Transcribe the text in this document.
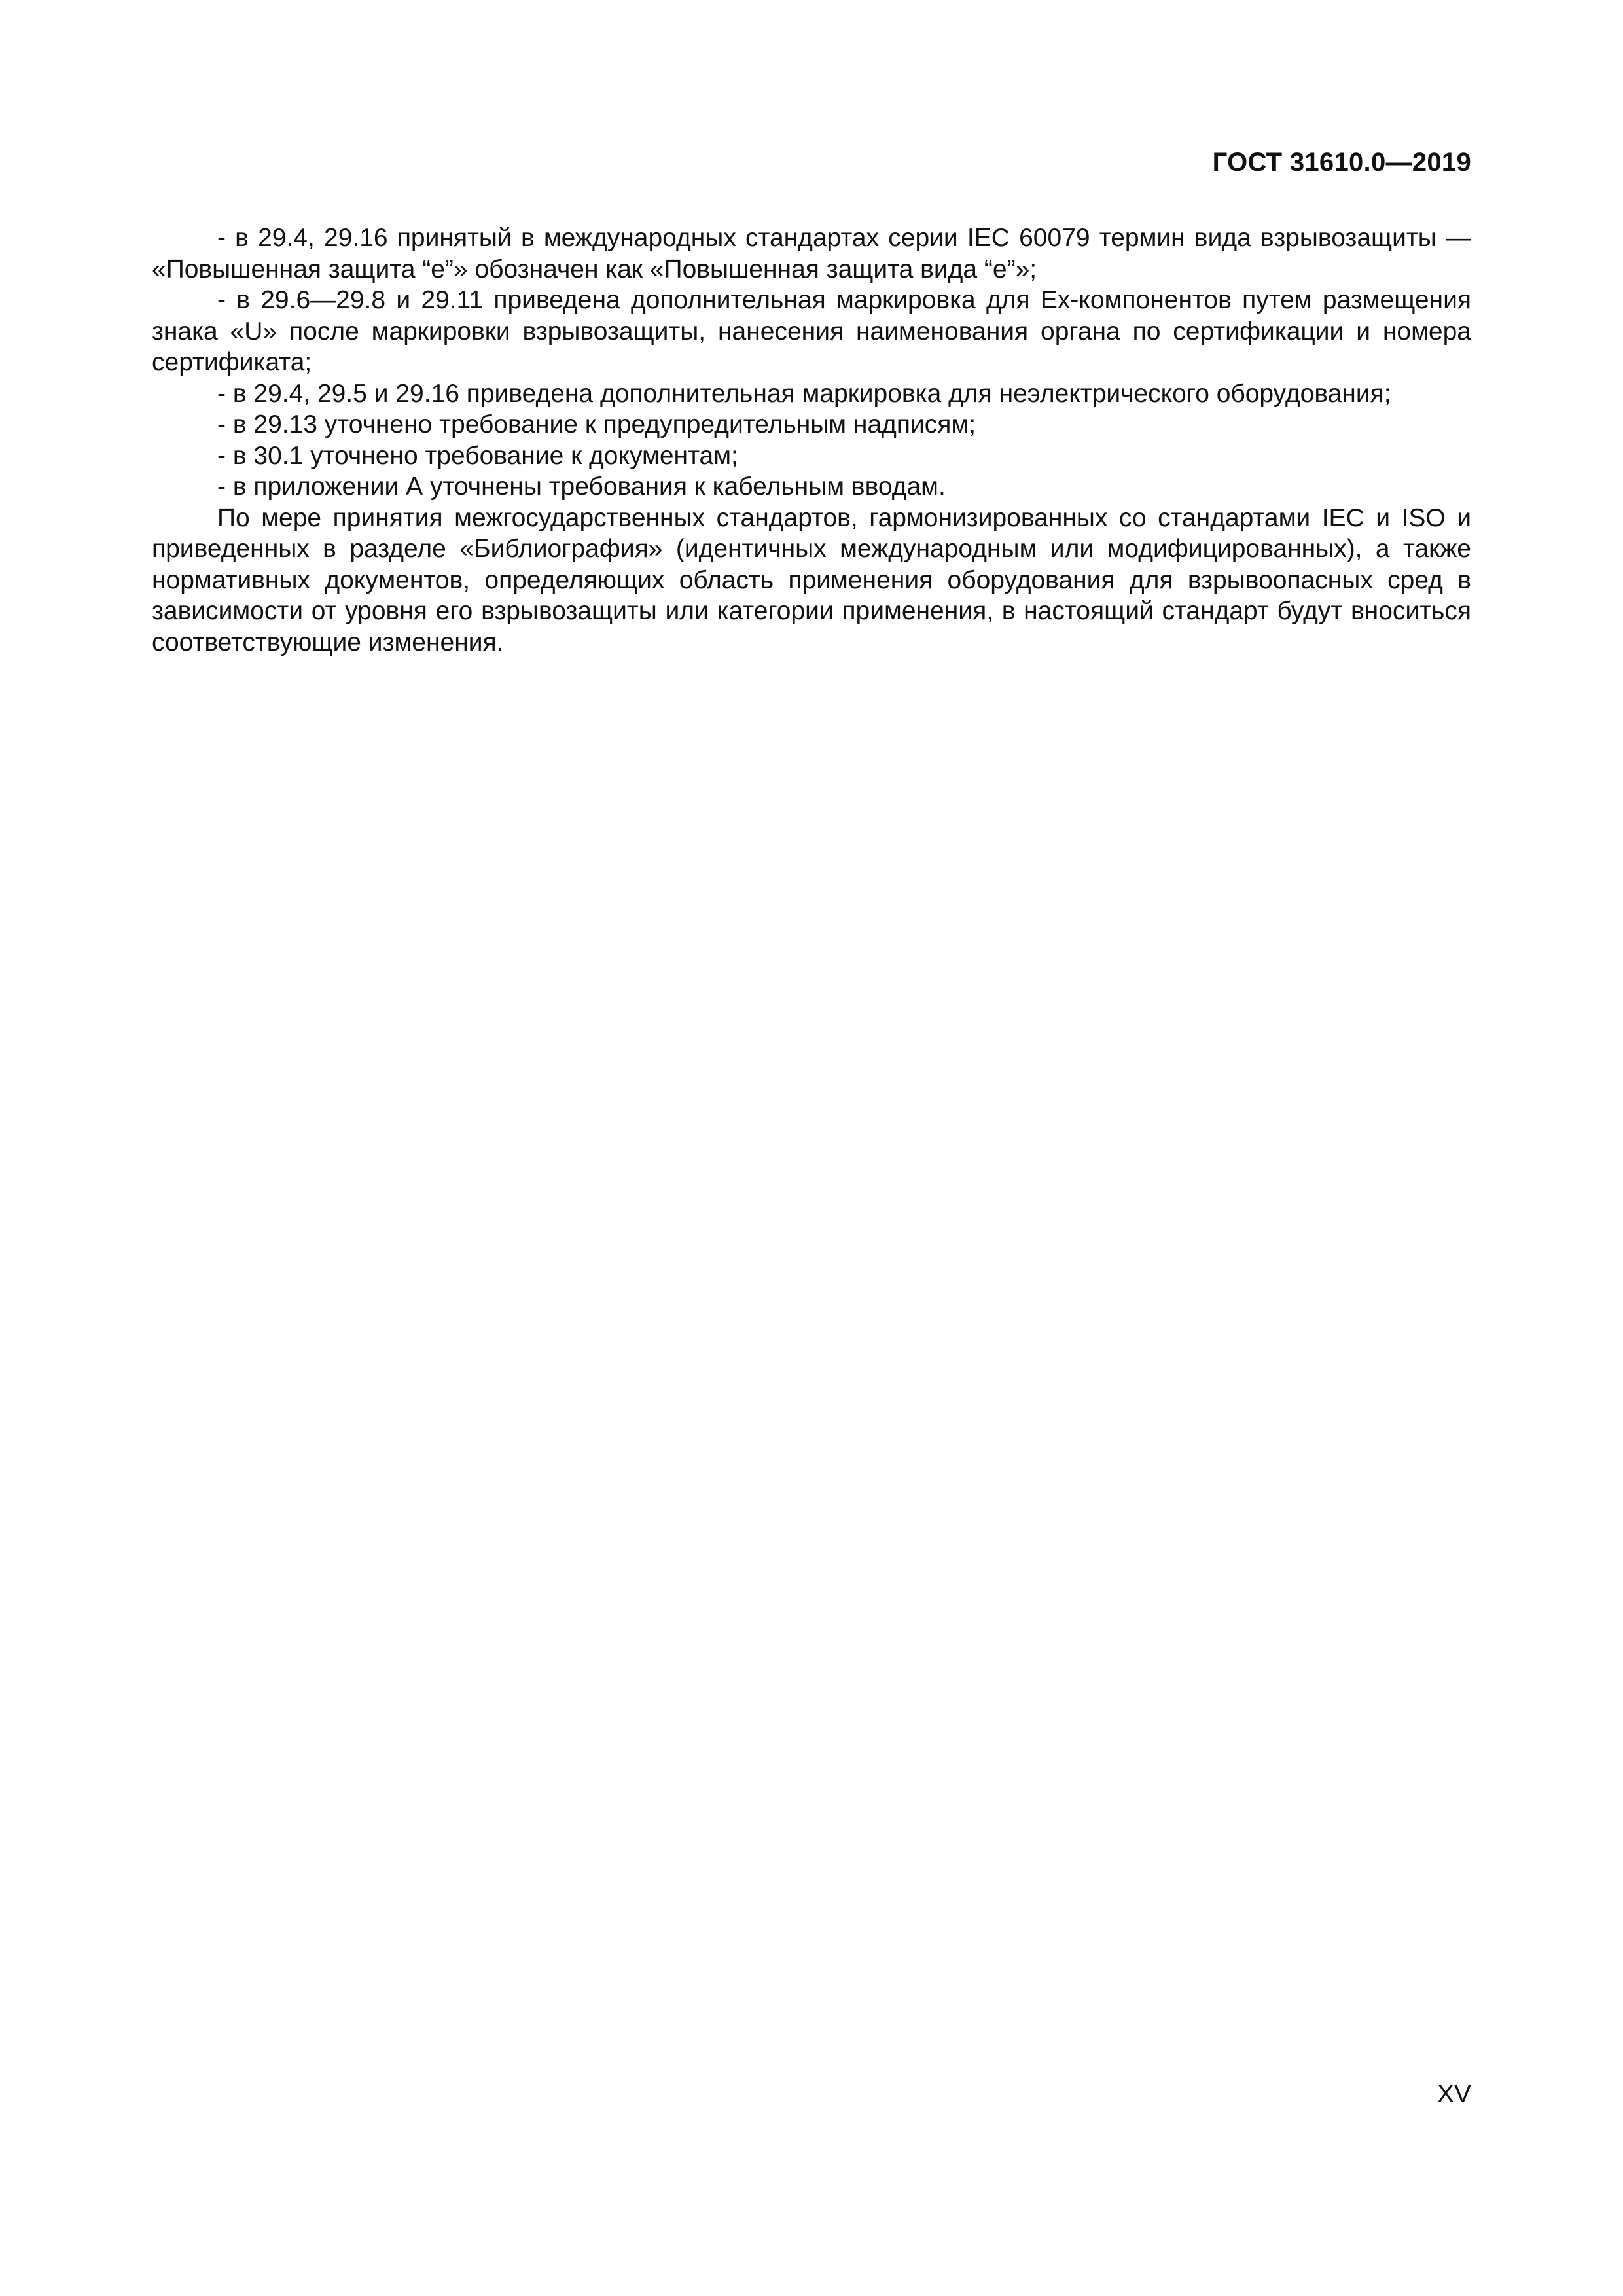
ГОСТ 31610.0—2019

- в 29.4, 29.16 принятый в международных стандартах серии IEC 60079 термин вида взрывозащиты — «Повышенная защита “е”» обозначен как «Повышенная защита вида “е”»;

- в 29.6—29.8 и 29.11 приведена дополнительная маркировка для Ex-компонентов путем размещения знака «U» после маркировки взрывозащиты, нанесения наименования органа по сертификации и номера сертификата;

- в 29.4, 29.5 и 29.16 приведена дополнительная маркировка для неэлектрического оборудования;

- в 29.13 уточнено требование к предупредительным надписям;

- в 30.1 уточнено требование к документам;

- в приложении А уточнены требования к кабельным вводам.

По мере принятия межгосударственных стандартов, гармонизированных со стандартами IEC и ISO и приведенных в разделе «Библиография» (идентичных международным или модифицированных), а также нормативных документов, определяющих область применения оборудования для взрывоопасных сред в зависимости от уровня его взрывозащиты или категории применения, в настоящий стандарт будут вноситься соответствующие изменения.

XV
